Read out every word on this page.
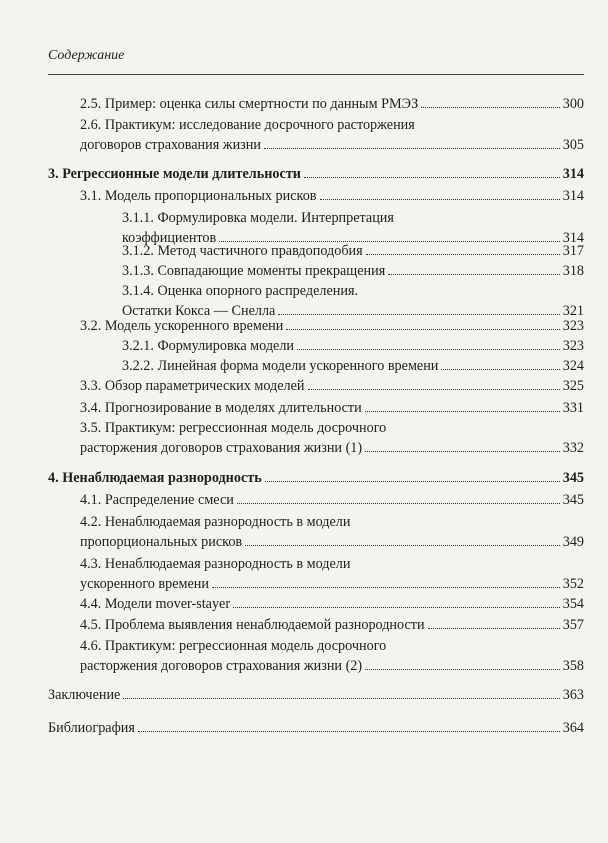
Содержание
2.5. Пример: оценка силы смертности по данным РМЭЗ	300
2.6. Практикум: исследование досрочного расторжения
договоров страхования жизни	305
3. Регрессионные модели длительности	314
3.1. Модель пропорциональных рисков	314
3.1.1. Формулировка модели. Интерпретация
коэффициентов	314
3.1.2. Метод частичного правдоподобия	317
3.1.3. Совпадающие моменты прекращения	318
3.1.4. Оценка опорного распределения.
Остатки Кокса — Снелла	321
3.2. Модель ускоренного времени	323
3.2.1. Формулировка модели	323
3.2.2. Линейная форма модели ускоренного времени	324
3.3. Обзор параметрических моделей	325
3.4. Прогнозирование в моделях длительности	331
3.5. Практикум: регрессионная модель досрочного
расторжения договоров страхования жизни (1)	332
4. Ненаблюдаемая разнородность	345
4.1. Распределение смеси	345
4.2. Ненаблюдаемая разнородность в модели
пропорциональных рисков	349
4.3. Ненаблюдаемая разнородность в модели
ускоренного времени	352
4.4. Модели mover-stayer	354
4.5. Проблема выявления ненаблюдаемой разнородности	357
4.6. Практикум: регрессионная модель досрочного
расторжения договоров страхования жизни (2)	358
Заключение	363
Библиография	364
